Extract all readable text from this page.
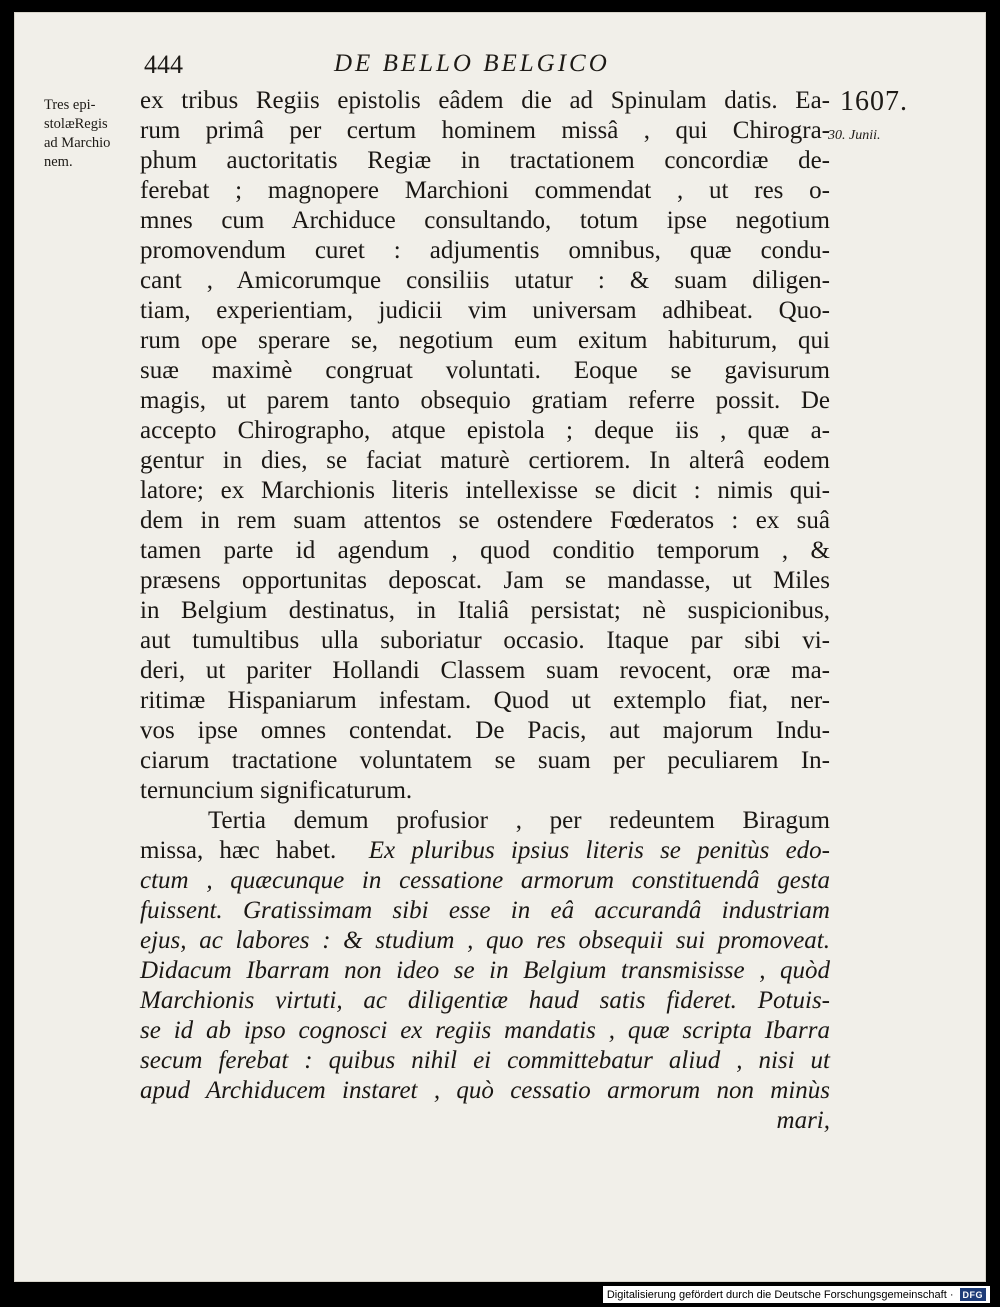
444	DE BELLO BELGICO
Tres epi-
stolæRegis
ad Marchio
nem.
1607.
30. Junii.
ex tribus Regiis epistolis eâdem die ad Spinulam datis. Ea-
rum primâ per certum hominem missâ , qui Chirogra-
phum auctoritatis Regiæ in tractationem concordiæ de-
ferebat ; magnopere Marchioni commendat , ut res o-
mnes cum Archiduce consultando, totum ipse negotium
promovendum curet : adjumentis omnibus, quæ condu-
cant , Amicorumque consiliis utatur : & suam diligen-
tiam, experientiam, judicii vim universam adhibeat. Quo-
rum ope sperare se, negotium eum exitum habiturum, qui
suæ maximè congruat voluntati. Eoque se gavisurum
magis, ut parem tanto obsequio gratiam referre possit. De
accepto Chirographo, atque epistola ; deque iis , quæ a-
gentur in dies, se faciat maturè certiorem. In alterâ eodem
latore; ex Marchionis literis intellexisse se dicit : nimis qui-
dem in rem suam attentos se ostendere Fœderatos : ex suâ
tamen parte id agendum , quod conditio temporum , &
præsens opportunitas deposcat. Jam se mandasse, ut Miles
in Belgium destinatus, in Italiâ persistat; nè suspicionibus,
aut tumultibus ulla suboriatur occasio. Itaque par sibi vi-
deri, ut pariter Hollandi Classem suam revocent, oræ ma-
ritimæ Hispaniarum infestam. Quod ut extemplo fiat, ner-
vos ipse omnes contendat. De Pacis, aut majorum Indu-
ciarum tractatione voluntatem se suam per peculiarem In-
ternuncium significaturum.
Tertia demum profusior , per redeuntem Biragum
missa, hæc habet. Ex pluribus ipsius literis se penitùs edo-
ctum , quæcunque in cessatione armorum constituendâ gesta
fuissent. Gratissimam sibi esse in eâ accurandâ industriam
ejus, ac labores : & studium , quo res obsequii sui promoveat.
Didacum Ibarram non ideo se in Belgium transmisisse , quòd
Marchionis virtuti, ac diligentiæ haud satis fideret. Potuis-
se id ab ipso cognosci ex regiis mandatis , quæ scripta Ibarra
secum ferebat : quibus nihil ei committebatur aliud , nisi ut
apud Archiducem instaret , quò cessatio armorum non minùs
mari,
Digitalisierung gefördert durch die Deutsche Forschungsgemeinschaft ·	DFG
